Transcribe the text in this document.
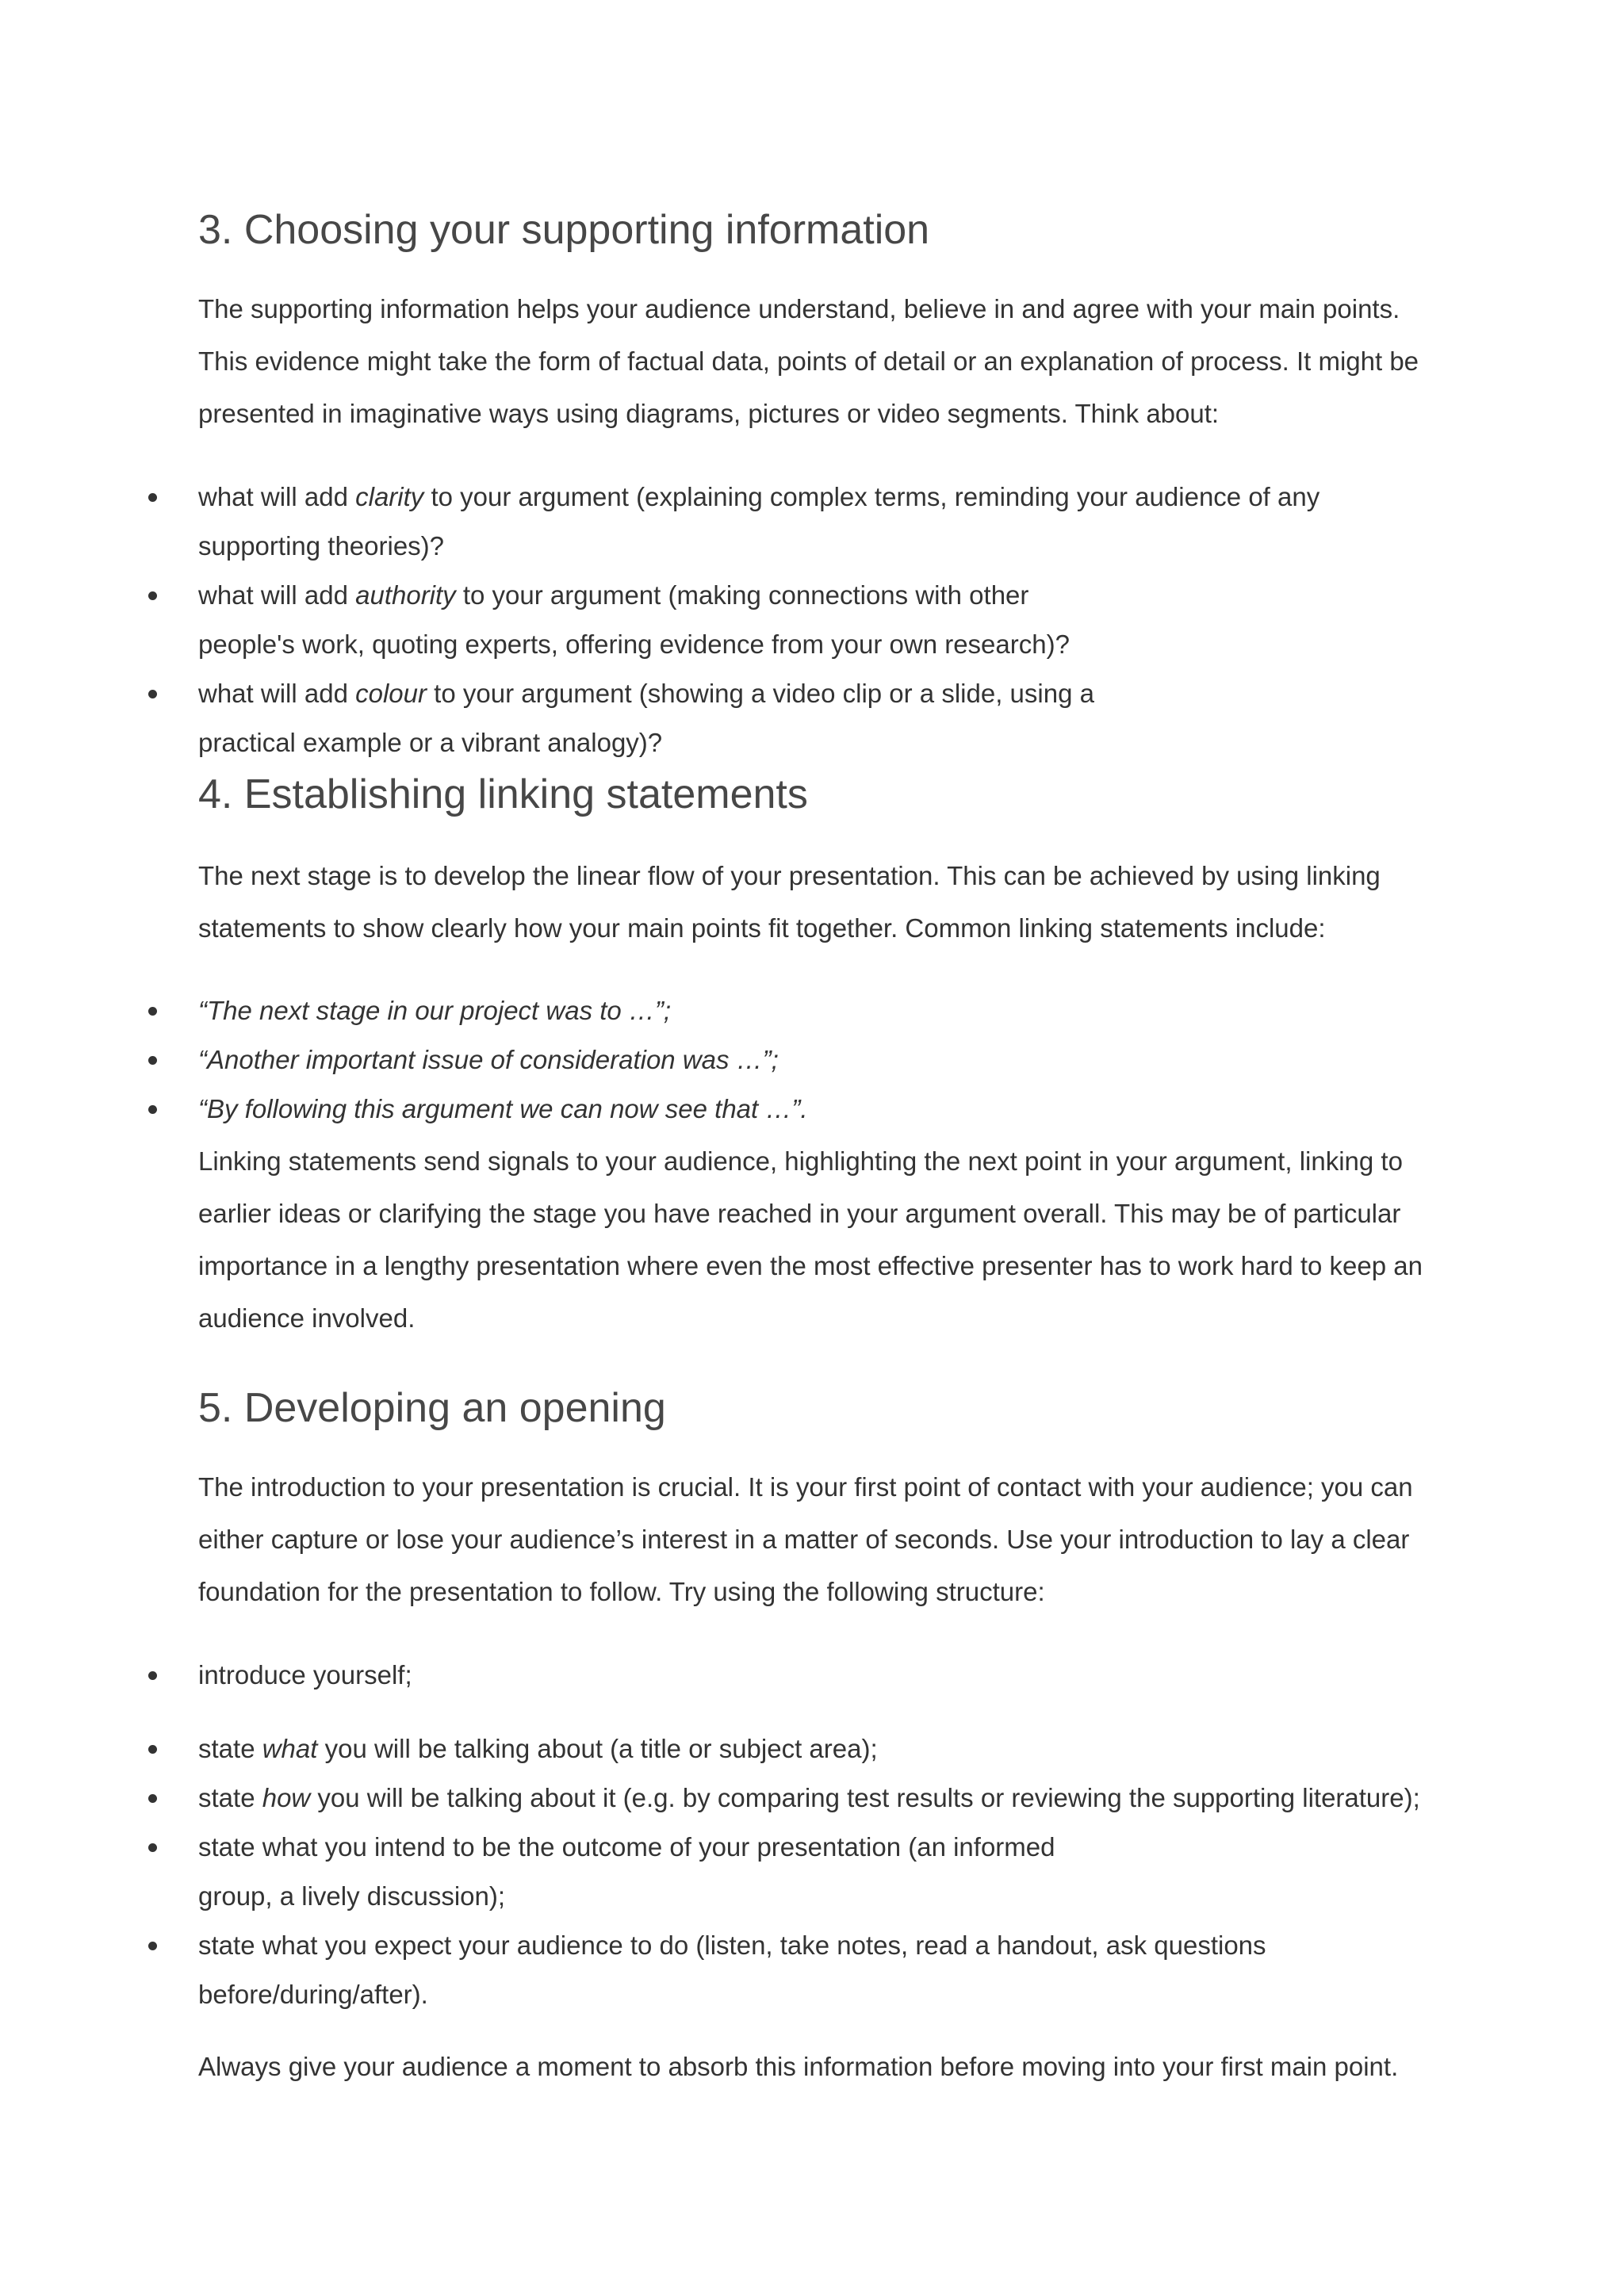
3. Choosing your supporting information
The supporting information helps your audience understand, believe in and agree with your main points.
This evidence might take the form of factual data, points of detail or an explanation of process. It might be
presented in imaginative ways using diagrams, pictures or video segments. Think about:
what will add clarity to your argument (explaining complex terms, reminding your audience of any
supporting theories)?
what will add authority to your argument (making connections with other
people's work, quoting experts, offering evidence from your own research)?
what will add colour to your argument (showing a video clip or a slide, using a
practical example or a vibrant analogy)?
4. Establishing linking statements
The next stage is to develop the linear flow of your presentation. This can be achieved by using linking
statements to show clearly how your main points fit together. Common linking statements include:
“The next stage in our project was to …”;
“Another important issue of consideration was …”;
“By following this argument we can now see that …”.
Linking statements send signals to your audience, highlighting the next point in your argument, linking to
earlier ideas or clarifying the stage you have reached in your argument overall. This may be of particular
importance in a lengthy presentation where even the most effective presenter has to work hard to keep an
audience involved.
5. Developing an opening
The introduction to your presentation is crucial. It is your first point of contact with your audience; you can
either capture or lose your audience’s interest in a matter of seconds. Use your introduction to lay a clear
foundation for the presentation to follow. Try using the following structure:
introduce yourself;
state what you will be talking about (a title or subject area);
state how you will be talking about it (e.g. by comparing test results or reviewing the supporting literature);
state what you intend to be the outcome of your presentation (an informed
group, a lively discussion);
state what you expect your audience to do (listen, take notes, read a handout, ask questions
before/during/after).
Always give your audience a moment to absorb this information before moving into your first main point.
